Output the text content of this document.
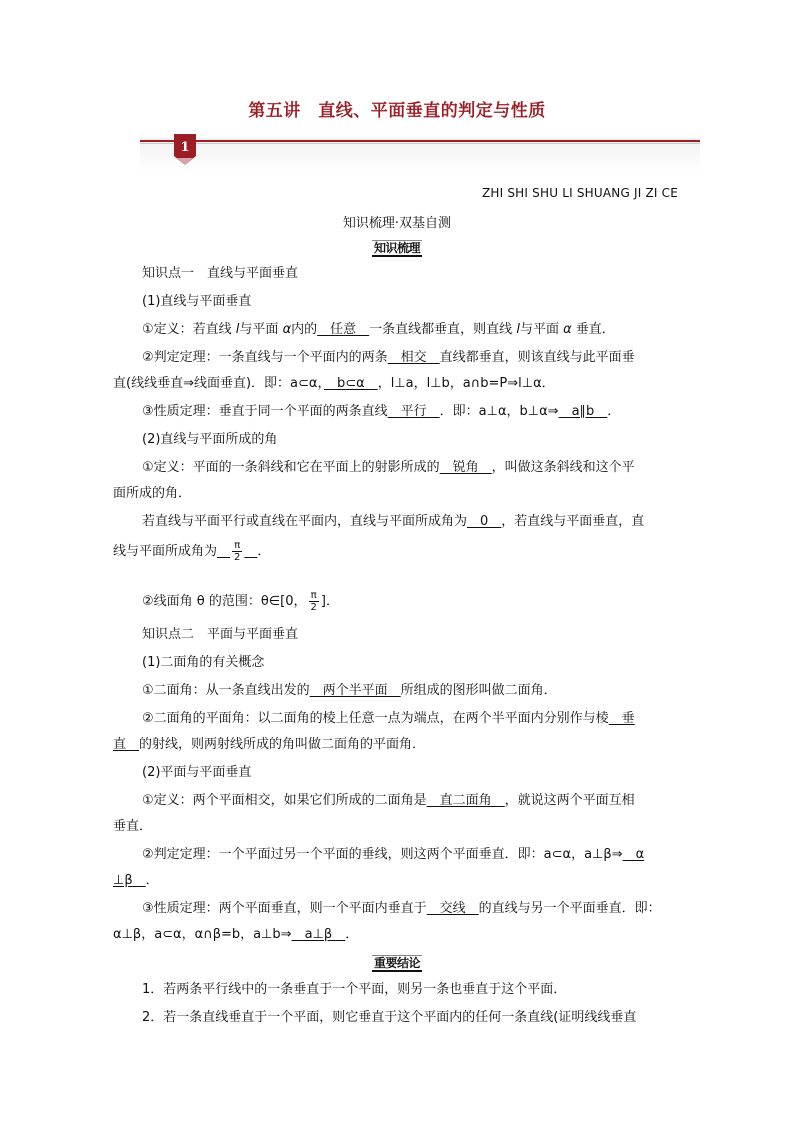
第五讲　直线、平面垂直的判定与性质
1
ZHI SHI SHU LI SHUANG JI ZI CE
知识梳理·双基自测
知识梳理
知识点一　直线与平面垂直
(1)直线与平面垂直
①定义：若直线 l与平面 α内的　任意　一条直线都垂直，则直线 l与平面 α 垂直．
②判定定理：一条直线与一个平面内的两条　相交　直线都垂直，则该直线与此平面垂
直(线线垂直⇒线面垂直)．即：a⊂α，　b⊂α　，l⊥a，l⊥b，a∩b=P⇒l⊥α．
③性质定理：垂直于同一个平面的两条直线　平行　．即：a⊥α，b⊥α⇒　a∥b　．
(2)直线与平面所成的角
①定义：平面的一条斜线和它在平面上的射影所成的　锐角　，叫做这条斜线和这个平
面所成的角．
若直线与平面平行或直线在平面内，直线与平面所成角为　0　，若直线与平面垂直，直
线与平面所成角为　 $\frac{\pi}{2}$
　 ．
②线面角 θ 的范围：θ∈[0， $\frac{\pi}{2}$ ]．
知识点二　平面与平面垂直
(1)二面角的有关概念
①二面角：从一条直线出发的　两个半平面　所组成的图形叫做二面角．
②二面角的平面角：以二面角的棱上任意一点为端点，在两个半平面内分别作与棱　垂
直　的射线，则两射线所成的角叫做二面角的平面角．
(2)平面与平面垂直
①定义：两个平面相交，如果它们所成的二面角是　直二面角　，就说这两个平面互相
垂直．
②判定定理：一个平面过另一个平面的垂线，则这两个平面垂直．即：a⊂α，a⊥β⇒　α
⊥β　．
③性质定理：两个平面垂直，则一个平面内垂直于　交线　的直线与另一个平面垂直．即：
α⊥β，a⊂α，α∩β=b，a⊥b⇒　a⊥β　．
重要结论
1．若两条平行线中的一条垂直于一个平面，则另一条也垂直于这个平面．
2．若一条直线垂直于一个平面，则它垂直于这个平面内的任何一条直线(证明线线垂直
